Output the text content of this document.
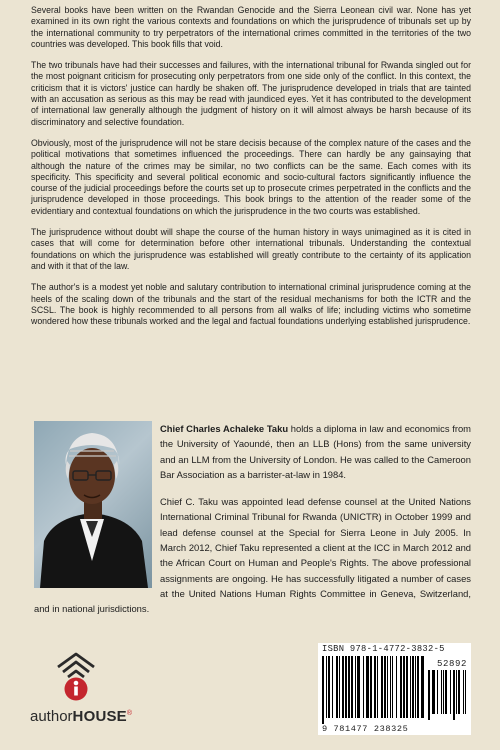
Several books have been written on the Rwandan Genocide and the Sierra Leonean civil war. None has yet examined in its own right the various contexts and foundations on which the jurisprudence of tribunals set up by the international community to try perpetrators of the international crimes committed in the territories of the two countries was developed. This book fills that void.

The two tribunals have had their successes and failures, with the international tribunal for Rwanda singled out for the most poignant criticism for prosecuting only perpetrators from one side only of the conflict. In this context, the criticism that it is victors' justice can hardly be shaken off. The jurisprudence developed in trials that are tainted with an accusation as serious as this may be read with jaundiced eyes. Yet it has contributed to the development of international law generally although the judgment of history on it will almost always be harsh because of its discriminatory and selective foundation.

Obviously, most of the jurisprudence will not be stare decisis because of the complex nature of the cases and the political motivations that sometimes influenced the proceedings. There can hardly be any gainsaying that although the nature of the crimes may be similar, no two conflicts can be the same. Each comes with its specificity. This specificity and several political economic and socio-cultural factors significantly influence the course of the judicial proceedings before the courts set up to prosecute crimes perpetrated in the conflicts and the jurisprudence developed in those proceedings. This book brings to the attention of the reader some of the evidentiary and contextual foundations on which the jurisprudence in the two courts was established.

The jurisprudence without doubt will shape the course of the human history in ways unimagined as it is cited in cases that will come for determination before other international tribunals. Understanding the contextual foundations on which the jurisprudence was established will greatly contribute to the certainty of its application and with it that of the law.

The author's is a modest yet noble and salutary contribution to international criminal jurisprudence coming at the heels of the scaling down of the tribunals and the start of the residual mechanisms for both the ICTR and the SCSL. The book is highly recommended to all persons from all walks of life; including victims who sometime wondered how these tribunals worked and the legal and factual foundations underlying established jurisprudence.

Chief Charles Achaleke Taku holds a diploma in law and economics from the University of Yaoundé, then an LLB (Hons) from the same university and an LLM from the University of London. He was called to the Cameroon Bar Association as a barrister-at-law in 1984.

Chief C. Taku was appointed lead defense counsel at the United Nations International Criminal Tribunal for Rwanda (UNICTR) in October 1999 and lead defense counsel at the Special for Sierra Leone in July 2005. In March 2012, Chief Taku represented a client at the ICC in March 2012 and the African Court on Human and People's Rights. The above professional assignments are ongoing. He has successfully litigated a number of cases at the United Nations Human Rights Committee in Geneva, Switzerland, and in national jurisdictions.

authorHOUSE®
ISBN 978-1-4772-3832-5
52892
9 781477 238325
